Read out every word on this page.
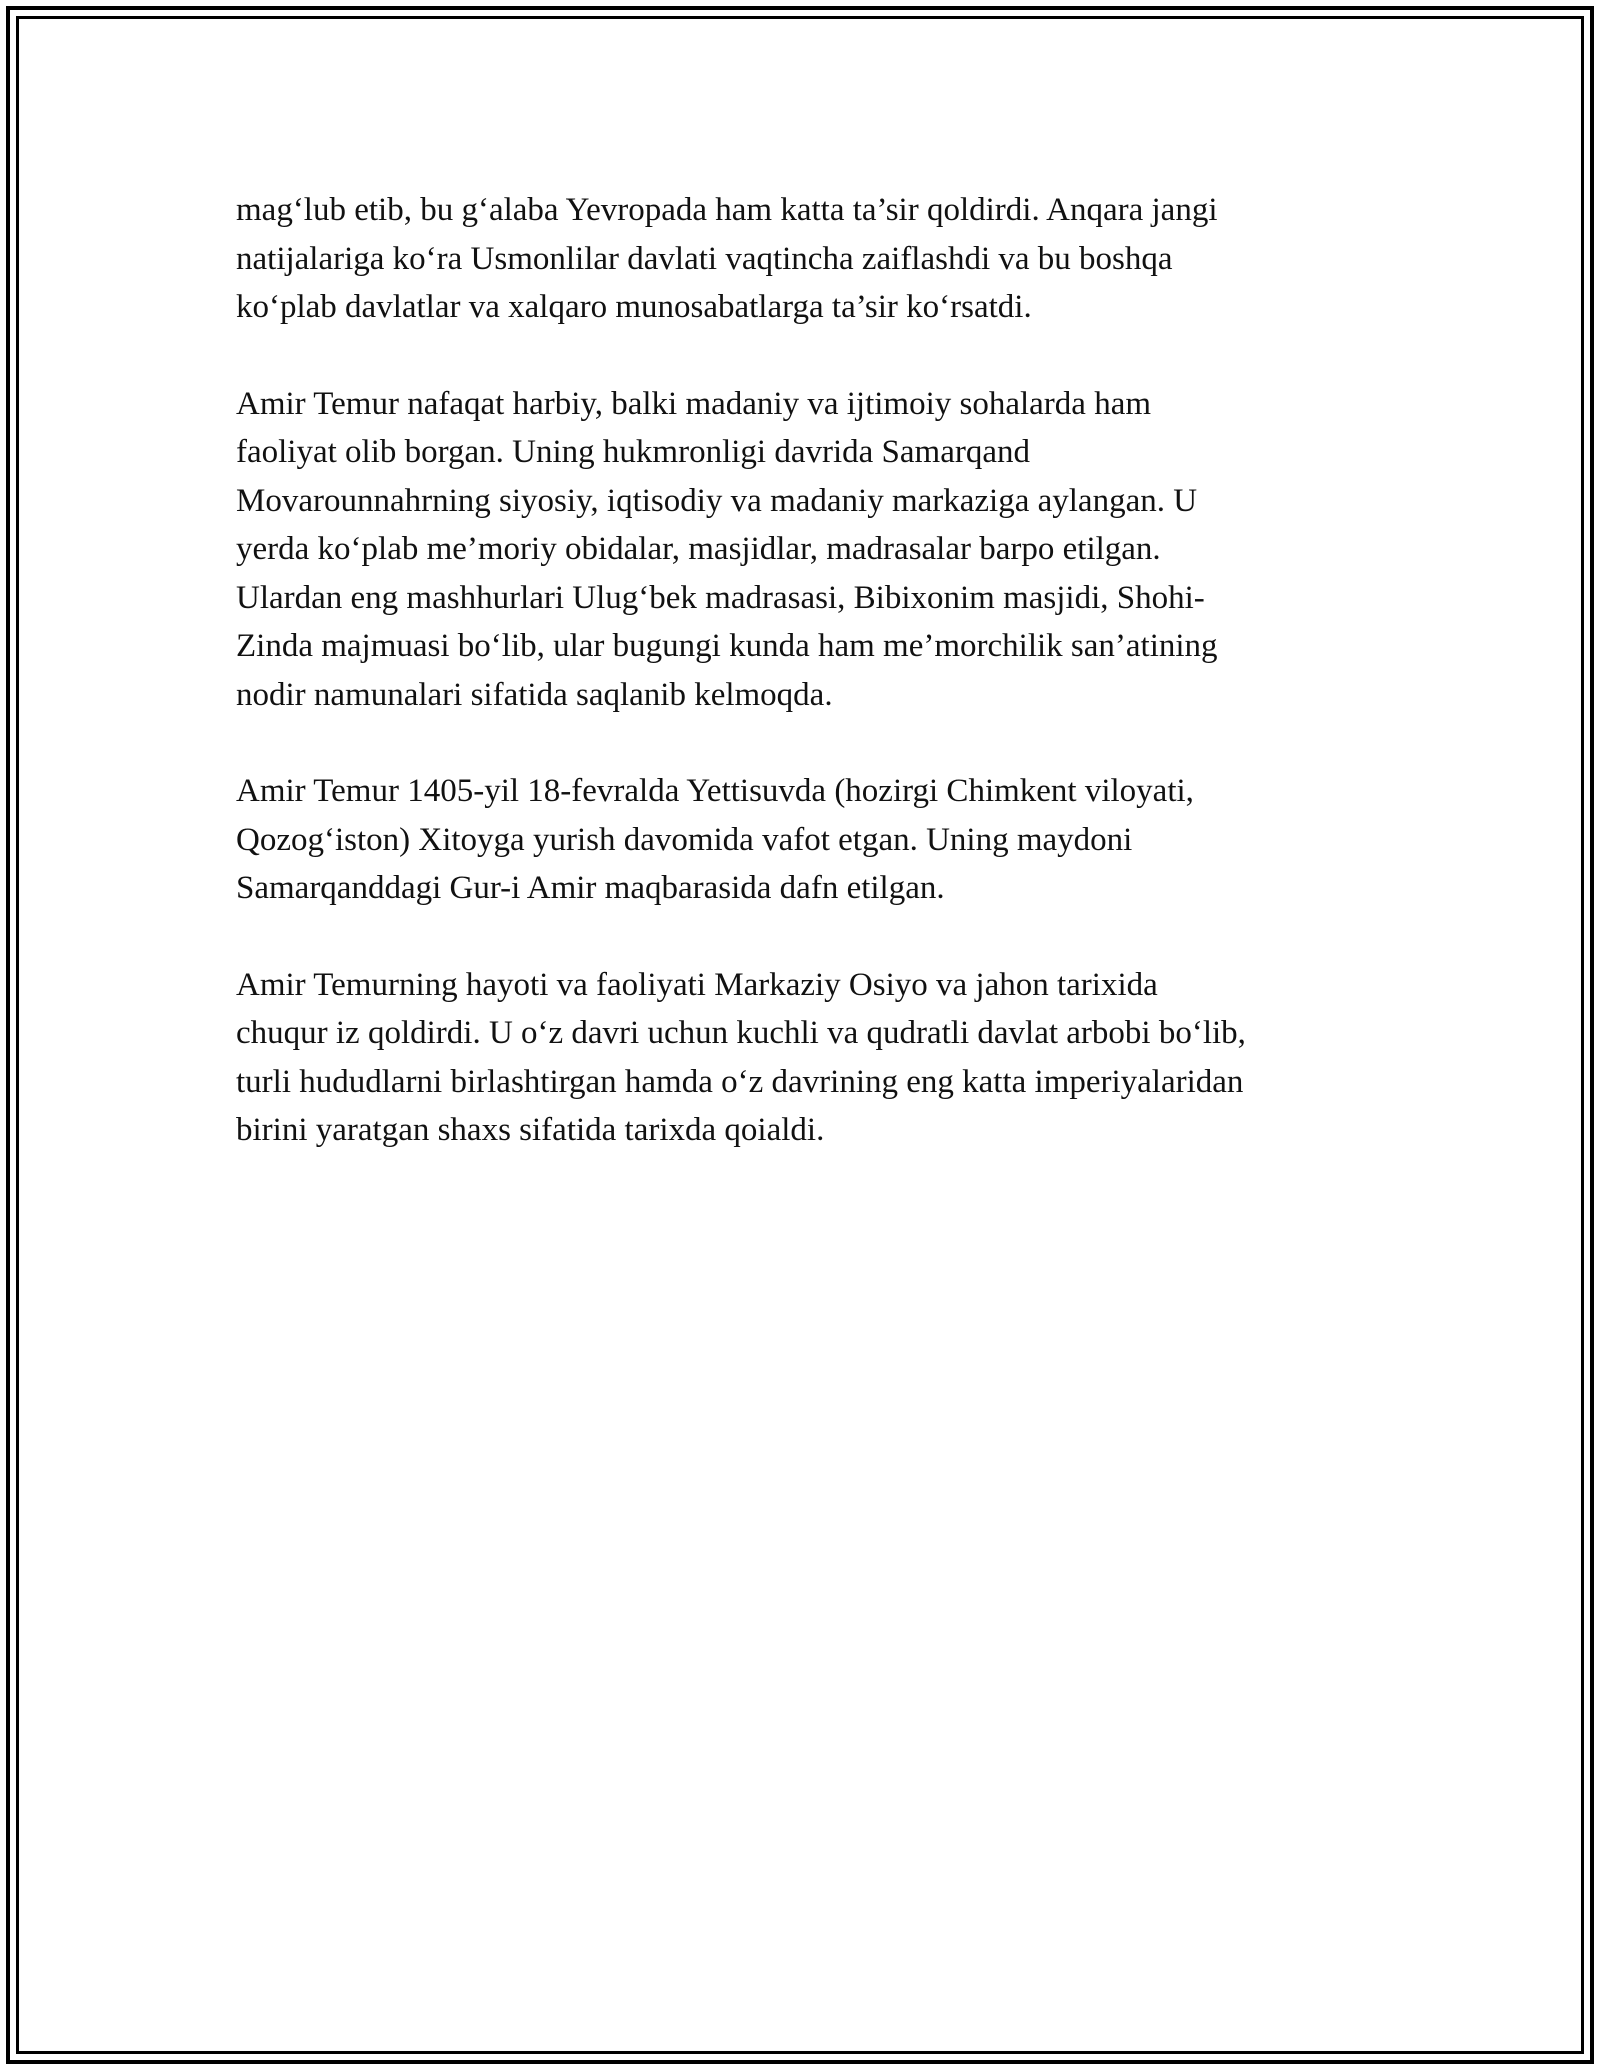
mag‘lub etib, bu g‘alaba Yevropada ham katta ta’sir qoldirdi. Anqara jangi
natijalariga ko‘ra Usmonlilar davlati vaqtincha zaiflashdi va bu boshqa
ko‘plab davlatlar va xalqaro munosabatlarga ta’sir ko‘rsatdi.

Amir Temur nafaqat harbiy, balki madaniy va ijtimoiy sohalarda ham
faoliyat olib borgan. Uning hukmronligi davrida Samarqand
Movarounnahrning siyosiy, iqtisodiy va madaniy markaziga aylangan. U
yerda ko‘plab me’moriy obidalar, masjidlar, madrasalar barpo etilgan.
Ulardan eng mashhurlari Ulug‘bek madrasasi, Bibixonim masjidi, Shohi-
Zinda majmuasi bo‘lib, ular bugungi kunda ham me’morchilik san’atining
nodir namunalari sifatida saqlanib kelmoqda.

Amir Temur 1405-yil 18-fevralda Yettisuvda (hozirgi Chimkent viloyati,
Qozog‘iston) Xitoyga yurish davomida vafot etgan. Uning maydoni
Samarqanddagi Gur-i Amir maqbarasida dafn etilgan.

Amir Temurning hayoti va faoliyati Markaziy Osiyo va jahon tarixida
chuqur iz qoldirdi. U o‘z davri uchun kuchli va qudratli davlat arbobi bo‘lib,
turli hududlarni birlashtirgan hamda o‘z davrining eng katta imperiyalaridan
birini yaratgan shaxs sifatida tarixda qoialdi.
